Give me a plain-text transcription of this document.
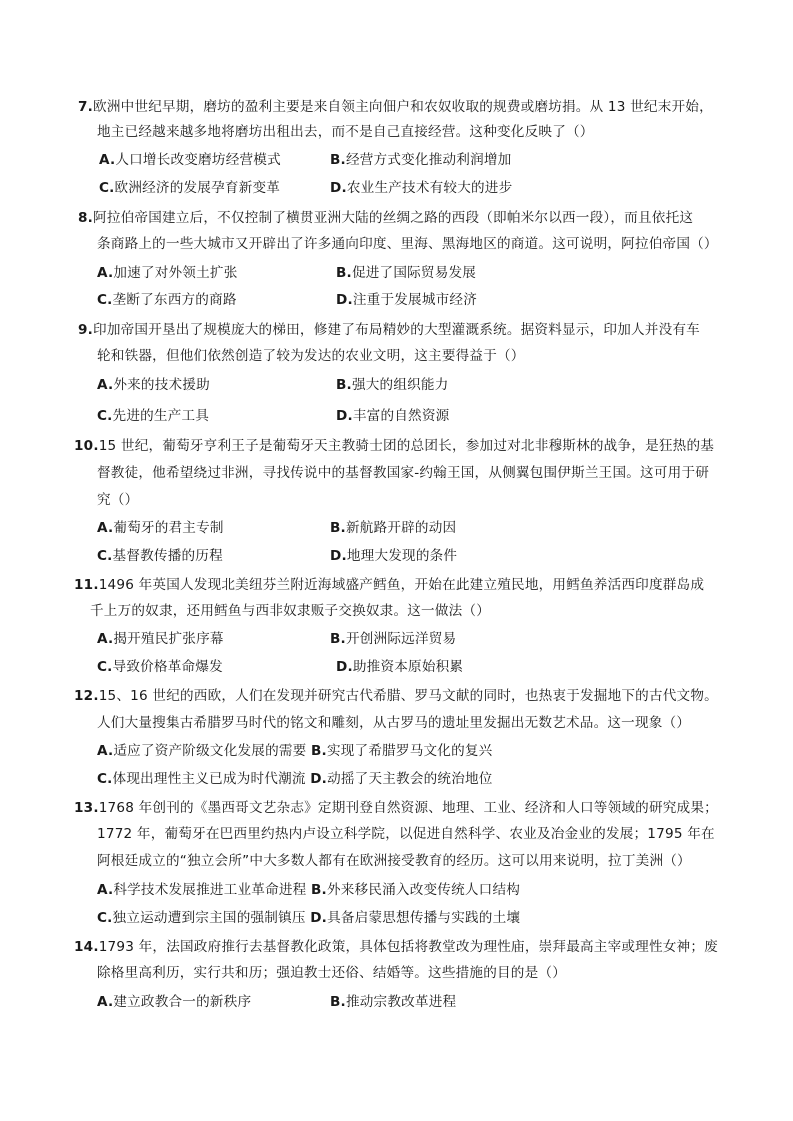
7.欧洲中世纪早期，磨坊的盈利主要是来自领主向佃户和农奴收取的规费或磨坊捐。从 13 世纪末开始，
地主已经越来越多地将磨坊出租出去，而不是自己直接经营。这种变化反映了（）
A.人口增长改变磨坊经营模式	B.经营方式变化推动利润增加
C.欧洲经济的发展孕育新变革	D.农业生产技术有较大的进步
8.阿拉伯帝国建立后，不仅控制了横贯亚洲大陆的丝绸之路的西段（即帕米尔以西一段），而且依托这
条商路上的一些大城市又开辟出了许多通向印度、里海、黑海地区的商道。这可说明，阿拉伯帝国（）
A.加速了对外领土扩张	B.促进了国际贸易发展
C.垄断了东西方的商路	D.注重于发展城市经济
9.印加帝国开垦出了规模庞大的梯田，修建了布局精妙的大型灌溉系统。据资料显示，印加人并没有车
轮和铁器，但他们依然创造了较为发达的农业文明，这主要得益于（）
A.外来的技术援助	B.强大的组织能力
C.先进的生产工具	D.丰富的自然资源
10.15 世纪，葡萄牙亨利王子是葡萄牙天主教骑士团的总团长，参加过对北非穆斯林的战争，是狂热的基
督教徒，他希望绕过非洲，寻找传说中的基督教国家-约翰王国，从侧翼包围伊斯兰王国。这可用于研
究（）
A.葡萄牙的君主专制	B.新航路开辟的动因
C.基督教传播的历程	D.地理大发现的条件
11.1496 年英国人发现北美纽芬兰附近海域盛产鳕鱼，开始在此建立殖民地，用鳕鱼养活西印度群岛成
千上万的奴隶，还用鳕鱼与西非奴隶贩子交换奴隶。这一做法（）
A.揭开殖民扩张序幕	B.开创洲际远洋贸易
C.导致价格革命爆发	D.助推资本原始积累
12.15、16 世纪的西欧，人们在发现并研究古代希腊、罗马文献的同时，也热衷于发掘地下的古代文物。
人们大量搜集古希腊罗马时代的铭文和雕刻，从古罗马的遗址里发掘出无数艺术品。这一现象（）
A.适应了资产阶级文化发展的需要 B.实现了希腊罗马文化的复兴
C.体现出理性主义已成为时代潮流 D.动摇了天主教会的统治地位
13.1768 年创刊的《墨西哥文艺杂志》定期刊登自然资源、地理、工业、经济和人口等领域的研究成果；
1772 年，葡萄牙在巴西里约热内卢设立科学院，以促进自然科学、农业及冶金业的发展；1795 年在
阿根廷成立的“独立会所”中大多数人都有在欧洲接受教育的经历。这可以用来说明，拉丁美洲（）
A.科学技术发展推进工业革命进程 B.外来移民涌入改变传统人口结构
C.独立运动遭到宗主国的强制镇压 D.具备启蒙思想传播与实践的土壤
14.1793 年，法国政府推行去基督教化政策，具体包括将教堂改为理性庙，崇拜最高主宰或理性女神；废
除格里高利历，实行共和历；强迫教士还俗、结婚等。这些措施的目的是（）
A.建立政教合一的新秩序	B.推动宗教改革进程
